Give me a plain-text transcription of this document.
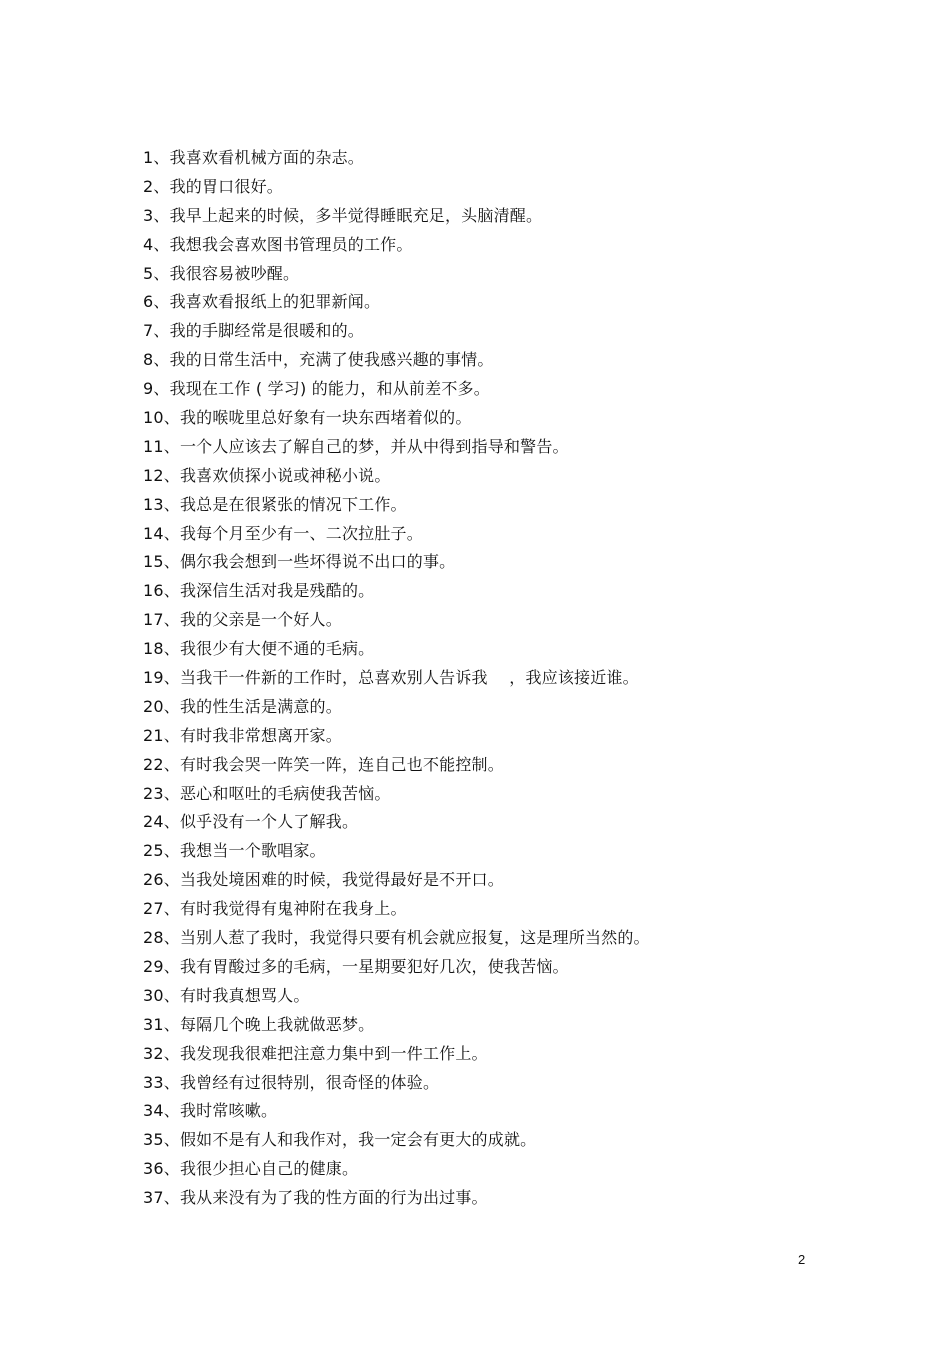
1、我喜欢看机械方面的杂志。
2、我的胃口很好。
3、我早上起来的时候，多半觉得睡眠充足，头脑清醒。
4、我想我会喜欢图书管理员的工作。
5、我很容易被吵醒。
6、我喜欢看报纸上的犯罪新闻。
7、我的手脚经常是很暖和的。
8、我的日常生活中，充满了使我感兴趣的事情。
9、我现在工作 ( 学习) 的能力，和从前差不多。
10、我的喉咙里总好象有一块东西堵着似的。
11、一个人应该去了解自己的梦，并从中得到指导和警告。
12、我喜欢侦探小说或神秘小说。
13、我总是在很紧张的情况下工作。
14、我每个月至少有一、二次拉肚子。
15、偶尔我会想到一些坏得说不出口的事。
16、我深信生活对我是残酷的。
17、我的父亲是一个好人。
18、我很少有大便不通的毛病。
19、当我干一件新的工作时，总喜欢别人告诉我　 ，我应该接近谁。
20、我的性生活是满意的。
21、有时我非常想离开家。
22、有时我会哭一阵笑一阵，连自己也不能控制。
23、恶心和呕吐的毛病使我苦恼。
24、似乎没有一个人了解我。
25、我想当一个歌唱家。
26、当我处境困难的时候，我觉得最好是不开口。
27、有时我觉得有鬼神附在我身上。
28、当别人惹了我时，我觉得只要有机会就应报复，这是理所当然的。
29、我有胃酸过多的毛病，一星期要犯好几次，使我苦恼。
30、有时我真想骂人。
31、每隔几个晚上我就做恶梦。
32、我发现我很难把注意力集中到一件工作上。
33、我曾经有过很特别，很奇怪的体验。
34、我时常咳嗽。
35、假如不是有人和我作对，我一定会有更大的成就。
36、我很少担心自己的健康。
37、我从来没有为了我的性方面的行为出过事。
2
